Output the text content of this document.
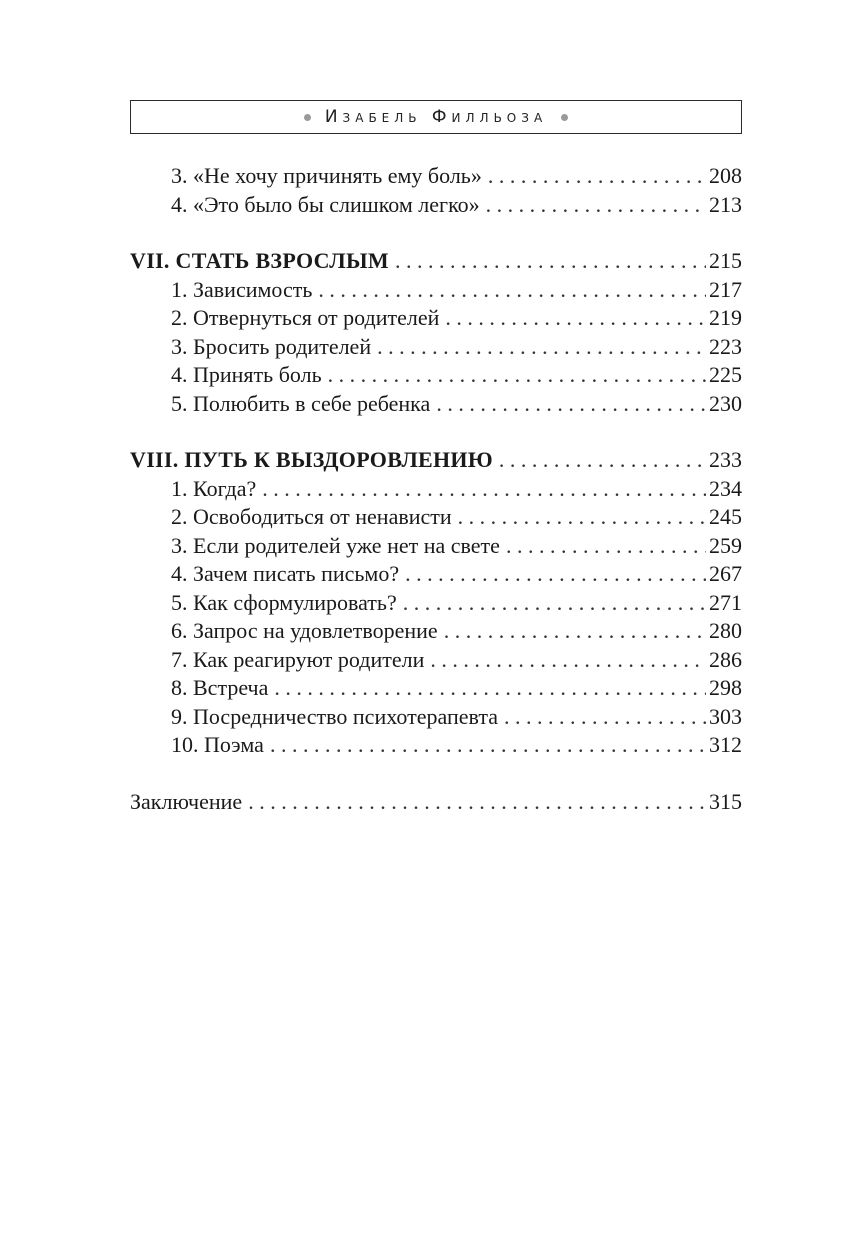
Изабель Филльоза
3. «Не хочу причинять ему боль» . . .	208
4. «Это было бы слишком легко» . . .	213
VII. СТАТЬ ВЗРОСЛЫМ . . .	215
1. Зависимость . . .	217
2. Отвернуться от родителей . . .	219
3. Бросить родителей . . .	223
4. Принять боль . . .	225
5. Полюбить в себе ребенка . . .	230
VIII. ПУТЬ К ВЫЗДОРОВЛЕНИЮ . . .	233
1. Когда? . . .	234
2. Освободиться от ненависти . . .	245
3. Если родителей уже нет на свете . . .	259
4. Зачем писать письмо? . . .	267
5. Как сформулировать? . . .	271
6. Запрос на удовлетворение . . .	280
7. Как реагируют родители . . .	286
8. Встреча . . .	298
9. Посредничество психотерапевта . . .	303
10. Поэма . . .	312
Заключение . . .	315
